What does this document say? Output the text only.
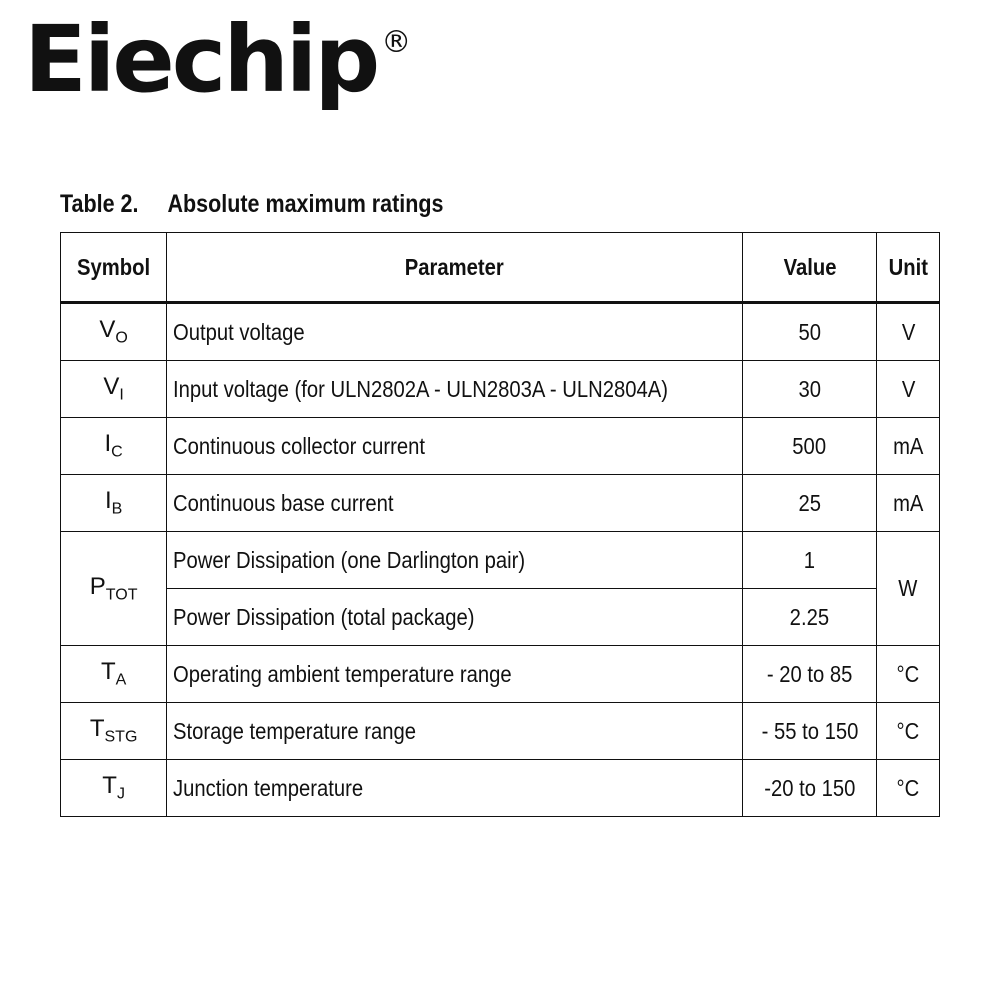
Eiechip ®
Table 2. Absolute maximum ratings
Symbol	Parameter	Value	Unit
$V_O$	Output voltage	50	V
$V_I$	Input voltage (for ULN2802A - ULN2803A - ULN2804A)	30	V
$I_C$	Continuous collector current	500	mA
$I_B$	Continuous base current	25	mA
$P_{TOT}$	Power Dissipation (one Darlington pair)	1	W
	Power Dissipation (total package)	2.25	
$T_A$	Operating ambient temperature range	- 20 to 85	°C
$T_{STG}$	Storage temperature range	- 55 to 150	°C
$T_J$	Junction temperature	-20 to 150	°C
